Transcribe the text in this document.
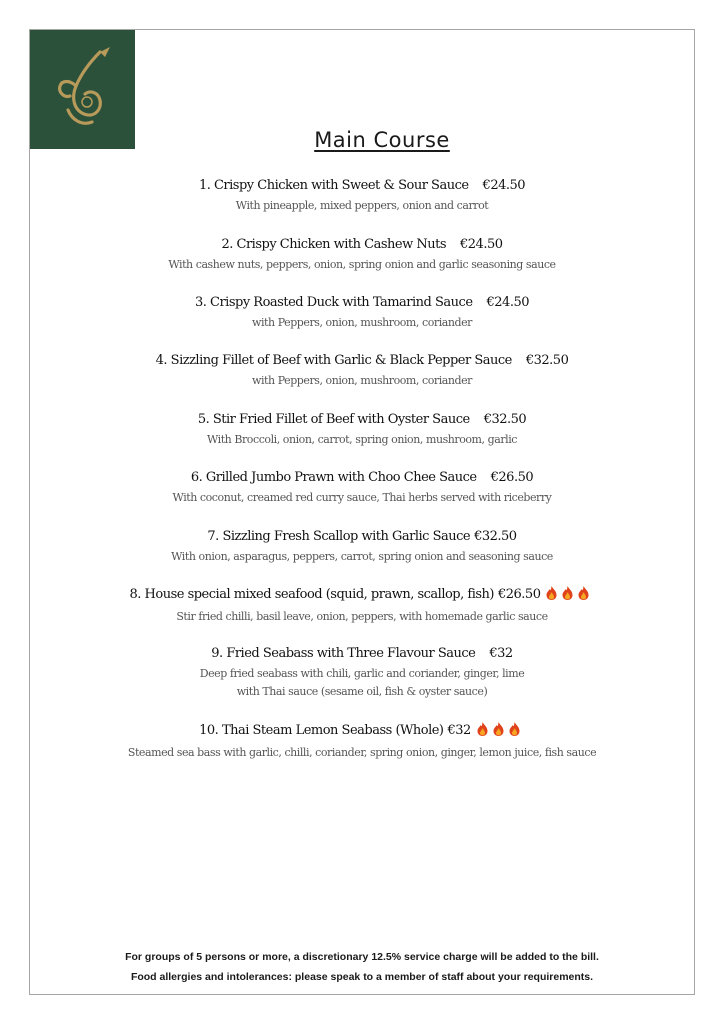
Main Course
1. Crispy Chicken with Sweet & Sour Sauce €24.50
With pineapple, mixed peppers, onion and carrot
2. Crispy Chicken with Cashew Nuts €24.50
With cashew nuts, peppers, onion, spring onion and garlic seasoning sauce
3. Crispy Roasted Duck with Tamarind Sauce €24.50
with Peppers, onion, mushroom, coriander
4. Sizzling Fillet of Beef with Garlic & Black Pepper Sauce €32.50
with Peppers, onion, mushroom, coriander
5. Stir Fried Fillet of Beef with Oyster Sauce €32.50
With Broccoli, onion, carrot, spring onion, mushroom, garlic
6. Grilled Jumbo Prawn with Choo Chee Sauce €26.50
With coconut, creamed red curry sauce, Thai herbs served with riceberry
7. Sizzling Fresh Scallop with Garlic Sauce €32.50
With onion, asparagus, peppers, carrot, spring onion and seasoning sauce
8. House special mixed seafood (squid, prawn, scallop, fish) €26.50
Stir fried chilli, basil leave, onion, peppers, with homemade garlic sauce
9. Fried Seabass with Three Flavour Sauce €32
Deep fried seabass with chili, garlic and coriander, ginger, lime
with Thai sauce (sesame oil, fish & oyster sauce)
10. Thai Steam Lemon Seabass (Whole) €32
Steamed sea bass with garlic, chilli, coriander, spring onion, ginger, lemon juice, fish sauce
For groups of 5 persons or more, a discretionary 12.5% service charge will be added to the bill.
Food allergies and intolerances: please speak to a member of staff about your requirements.
